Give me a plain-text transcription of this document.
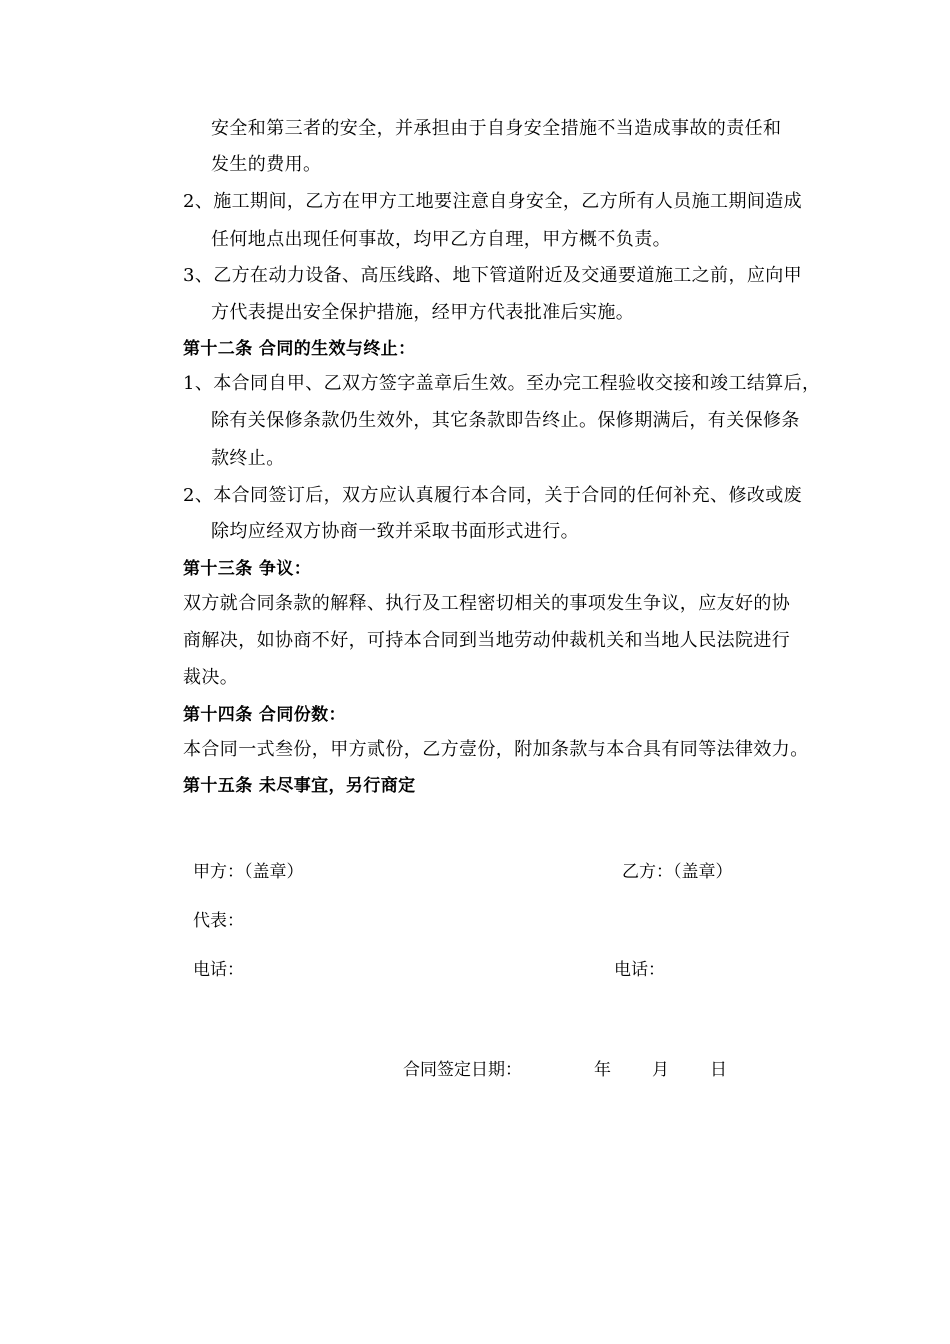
安全和第三者的安全，并承担由于自身安全措施不当造成事故的责任和
发生的费用。
2、施工期间，乙方在甲方工地要注意自身安全，乙方所有人员施工期间造成
任何地点出现任何事故，均甲乙方自理，甲方概不负责。
3、乙方在动力设备、高压线路、地下管道附近及交通要道施工之前，应向甲
方代表提出安全保护措施，经甲方代表批准后实施。
第十二条 合同的生效与终止：
1、本合同自甲、乙双方签字盖章后生效。至办完工程验收交接和竣工结算后，
除有关保修条款仍生效外，其它条款即告终止。保修期满后，有关保修条
款终止。
2、本合同签订后，双方应认真履行本合同，关于合同的任何补充、修改或废
除均应经双方协商一致并采取书面形式进行。
第十三条 争议：
双方就合同条款的解释、执行及工程密切相关的事项发生争议，应友好的协
商解决，如协商不好，可持本合同到当地劳动仲裁机关和当地人民法院进行
裁决。
第十四条 合同份数：
本合同一式叁份，甲方贰份，乙方壹份，附加条款与本合具有同等法律效力。
第十五条 未尽事宜，另行商定
甲方：（盖章）	乙方：（盖章）
代表：
电话：	电话：
合同签定日期：	年 月 日
